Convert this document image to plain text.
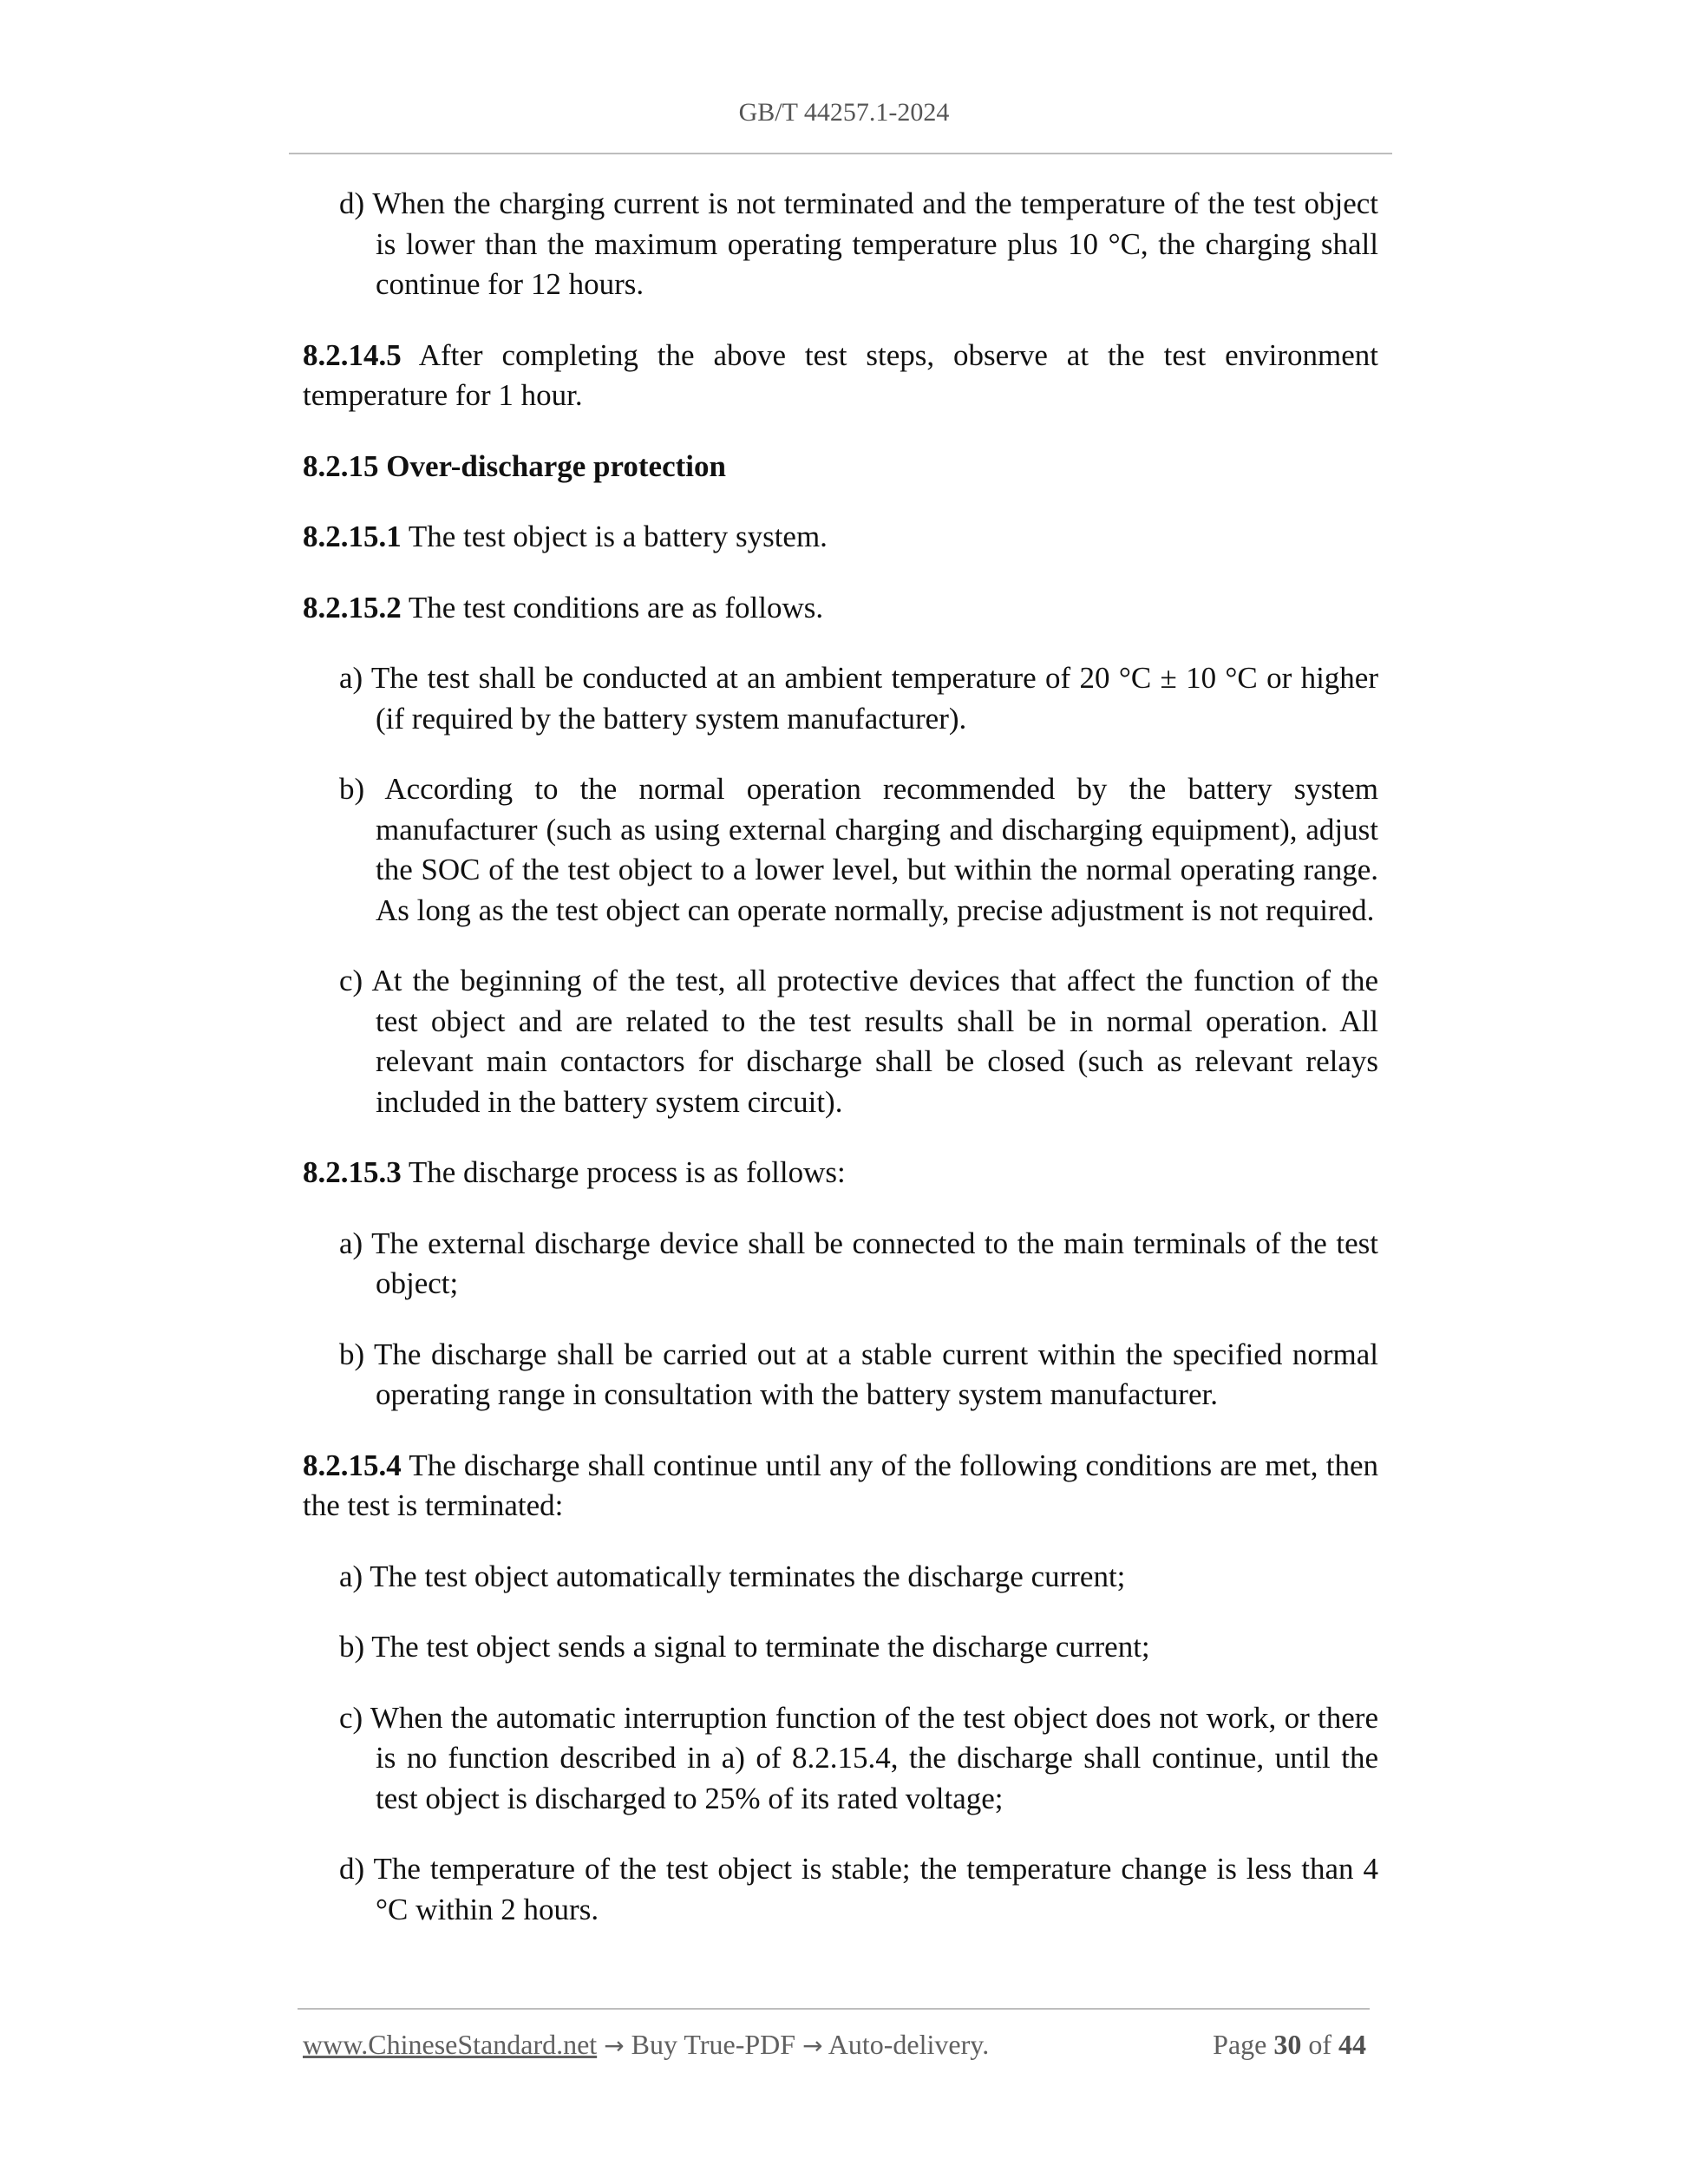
GB/T 44257.1-2024

d) When the charging current is not terminated and the temperature of the test object is lower than the maximum operating temperature plus 10 °C, the charging shall continue for 12 hours.

8.2.14.5 After completing the above test steps, observe at the test environment temperature for 1 hour.

8.2.15 Over-discharge protection

8.2.15.1 The test object is a battery system.

8.2.15.2 The test conditions are as follows.

a) The test shall be conducted at an ambient temperature of 20 °C ± 10 °C or higher (if required by the battery system manufacturer).

b) According to the normal operation recommended by the battery system manufacturer (such as using external charging and discharging equipment), adjust the SOC of the test object to a lower level, but within the normal operating range. As long as the test object can operate normally, precise adjustment is not required.

c) At the beginning of the test, all protective devices that affect the function of the test object and are related to the test results shall be in normal operation. All relevant main contactors for discharge shall be closed (such as relevant relays included in the battery system circuit).

8.2.15.3 The discharge process is as follows:

a) The external discharge device shall be connected to the main terminals of the test object;

b) The discharge shall be carried out at a stable current within the specified normal operating range in consultation with the battery system manufacturer.

8.2.15.4 The discharge shall continue until any of the following conditions are met, then the test is terminated:

a) The test object automatically terminates the discharge current;

b) The test object sends a signal to terminate the discharge current;

c) When the automatic interruption function of the test object does not work, or there is no function described in a) of 8.2.15.4, the discharge shall continue, until the test object is discharged to 25% of its rated voltage;

d) The temperature of the test object is stable; the temperature change is less than 4 °C within 2 hours.

www.ChineseStandard.net → Buy True-PDF → Auto-delivery.	Page 30 of 44
